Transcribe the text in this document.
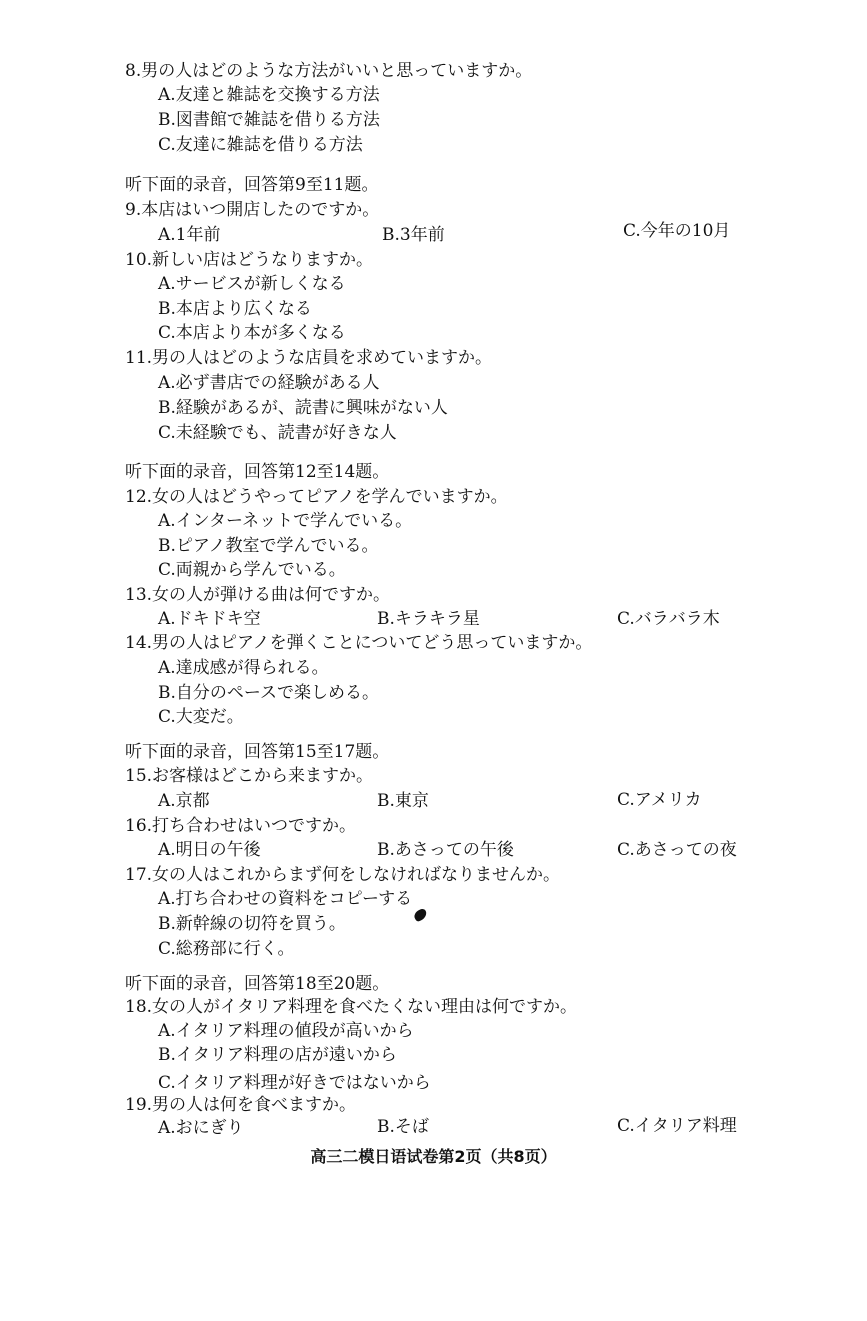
8.男の人はどのような方法がいいと思っていますか。
A.友達と雑誌を交換する方法
B.図書館で雑誌を借りる方法
C.友達に雑誌を借りる方法
听下面的录音，回答第9至11题。
9.本店はいつ開店したのですか。
A.1年前	B.3年前	C.今年の10月
10.新しい店はどうなりますか。
A.サービスが新しくなる
B.本店より広くなる
C.本店より本が多くなる
11.男の人はどのような店員を求めていますか。
A.必ず書店での経験がある人
B.経験があるが、読書に興味がない人
C.未経験でも、読書が好きな人
听下面的录音，回答第12至14题。
12.女の人はどうやってピアノを学んでいますか。
A.インターネットで学んでいる。
B.ピアノ教室で学んでいる。
C.両親から学んでいる。
13.女の人が弾ける曲は何ですか。
A.ドキドキ空	B.キラキラ星	C.バラバラ木
14.男の人はピアノを弾くことについてどう思っていますか。
A.達成感が得られる。
B.自分のペースで楽しめる。
C.大変だ。
听下面的录音，回答第15至17题。
15.お客様はどこから来ますか。
A.京都	B.東京	C.アメリカ
16.打ち合わせはいつですか。
A.明日の午後	B.あさっての午後	C.あさっての夜
17.女の人はこれからまず何をしなければなりませんか。
A.打ち合わせの資料をコピーする
B.新幹線の切符を買う。
C.総務部に行く。
听下面的录音，回答第18至20题。
18.女の人がイタリア料理を食べたくない理由は何ですか。
A.イタリア料理の値段が高いから
B.イタリア料理の店が遠いから
C.イタリア料理が好きではないから
19.男の人は何を食べますか。
A.おにぎり	B.そば	C.イタリア料理
高三二模日语试卷第2页（共8页）
